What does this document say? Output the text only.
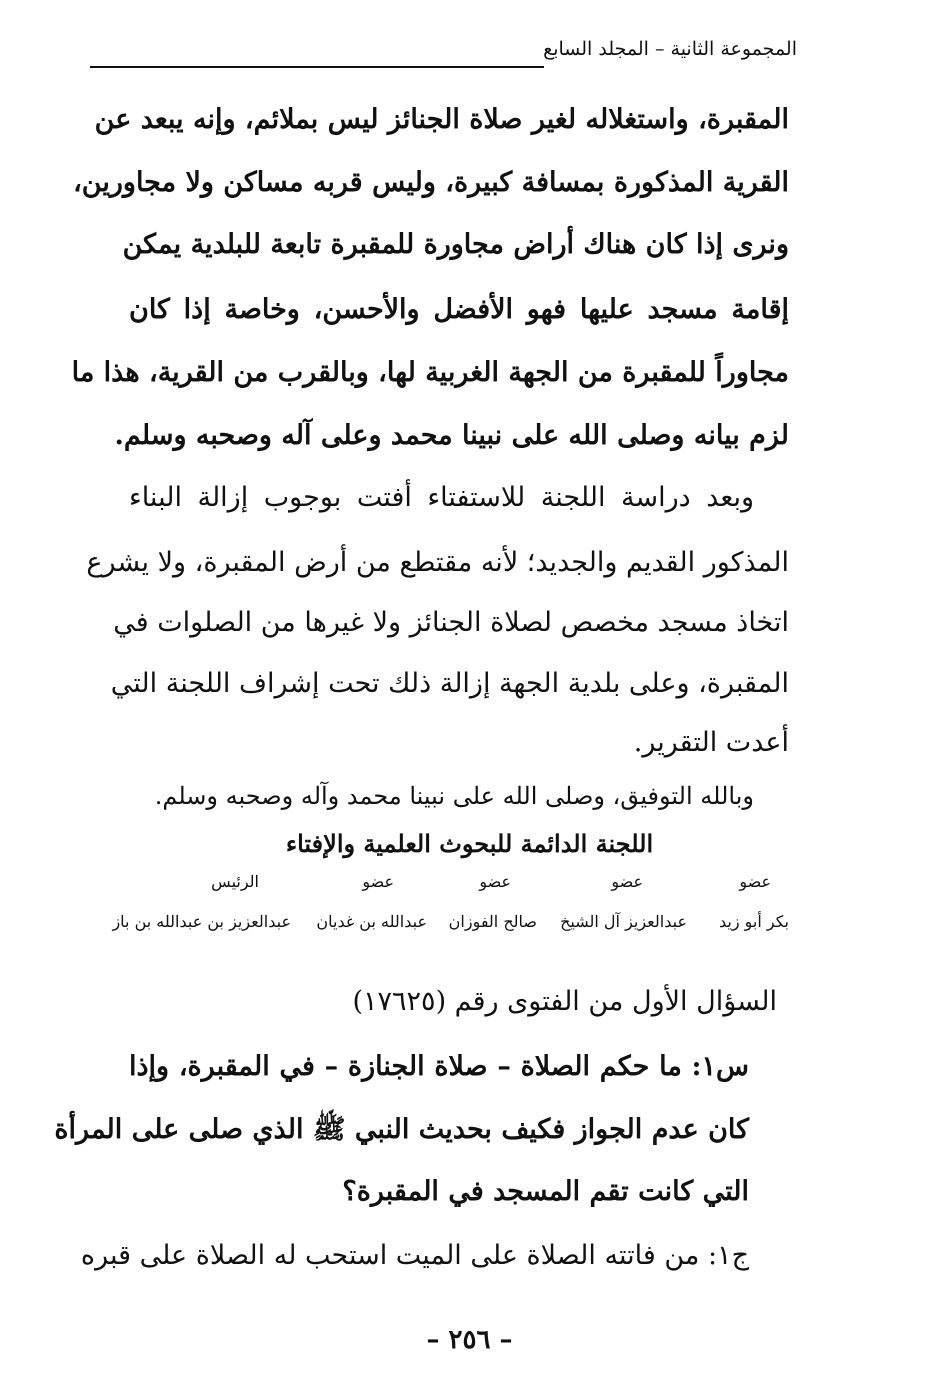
المجموعة الثانية – المجلد السابع
المقبرة، واستغلاله لغير صلاة الجنائز ليس بملائم، وإنه يبعد عن
القرية المذكورة بمسافة كبيرة، وليس قربه مساكن ولا مجاورين،
ونرى إذا كان هناك أراض مجاورة للمقبرة تابعة للبلدية يمكن
إقامة مسجد عليها فهو الأفضل والأحسن، وخاصة إذا كان
مجاوراً للمقبرة من الجهة الغربية لها، وبالقرب من القرية، هذا ما
لزم بيانه وصلى الله على نبينا محمد وعلى آله وصحبه وسلم.
وبعد دراسة اللجنة للاستفتاء أفتت بوجوب إزالة البناء
المذكور القديم والجديد؛ لأنه مقتطع من أرض المقبرة، ولا يشرع
اتخاذ مسجد مخصص لصلاة الجنائز ولا غيرها من الصلوات في
المقبرة، وعلى بلدية الجهة إزالة ذلك تحت إشراف اللجنة التي
أعدت التقرير.
وبالله التوفيق، وصلى الله على نبينا محمد وآله وصحبه وسلم.
اللجنة الدائمة للبحوث العلمية والإفتاء
عضو
بكر أبو زيد
عضو
عبدالعزيز آل الشيخ
عضو
صالح الفوزان
عضو
عبدالله بن غديان
الرئيس
عبدالعزيز بن عبدالله بن باز
السؤال الأول من الفتوى رقم (١٧٦٢٥)
س١: ما حكم الصلاة – صلاة الجنازة – في المقبرة، وإذا
كان عدم الجواز فكيف بحديث النبي ﷺ الذي صلى على المرأة
التي كانت تقم المسجد في المقبرة؟
ج١: من فاتته الصلاة على الميت استحب له الصلاة على قبره
– ٢٥٦ –
